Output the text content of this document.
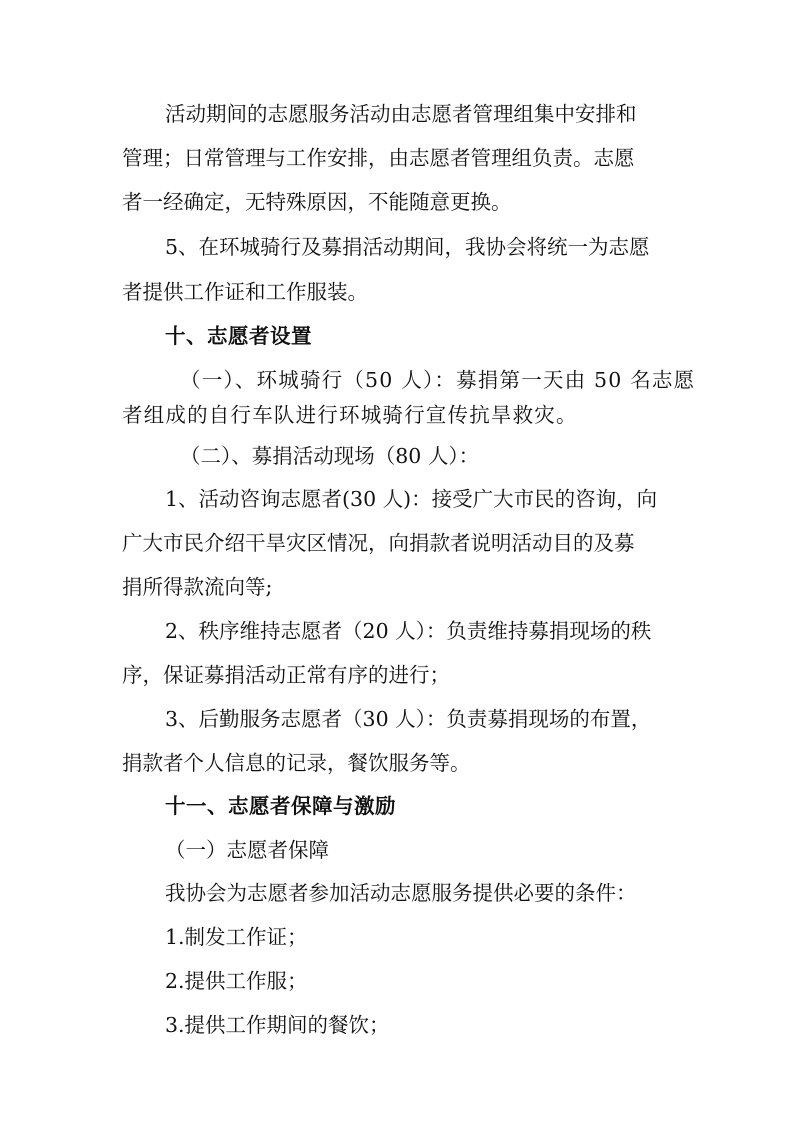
活动期间的志愿服务活动由志愿者管理组集中安排和

管理；日常管理与工作安排，由志愿者管理组负责。志愿

者一经确定，无特殊原因，不能随意更换。

5、在环城骑行及募捐活动期间，我协会将统一为志愿

者提供工作证和工作服装。

十、志愿者设置

（一）、环城骑行（50 人）：募捐第一天由 50 名志愿

者组成的自行车队进行环城骑行宣传抗旱救灾。

（二）、募捐活动现场（80 人）：

1、活动咨询志愿者(30 人)：接受广大市民的咨询，向

广大市民介绍干旱灾区情况，向捐款者说明活动目的及募

捐所得款流向等;

2、秩序维持志愿者（20 人）：负责维持募捐现场的秩

序，保证募捐活动正常有序的进行；

3、后勤服务志愿者（30 人）：负责募捐现场的布置，

捐款者个人信息的记录，餐饮服务等。

十一、志愿者保障与激励

（一）志愿者保障

我协会为志愿者参加活动志愿服务提供必要的条件：

1.制发工作证；

2.提供工作服；

3.提供工作期间的餐饮；
